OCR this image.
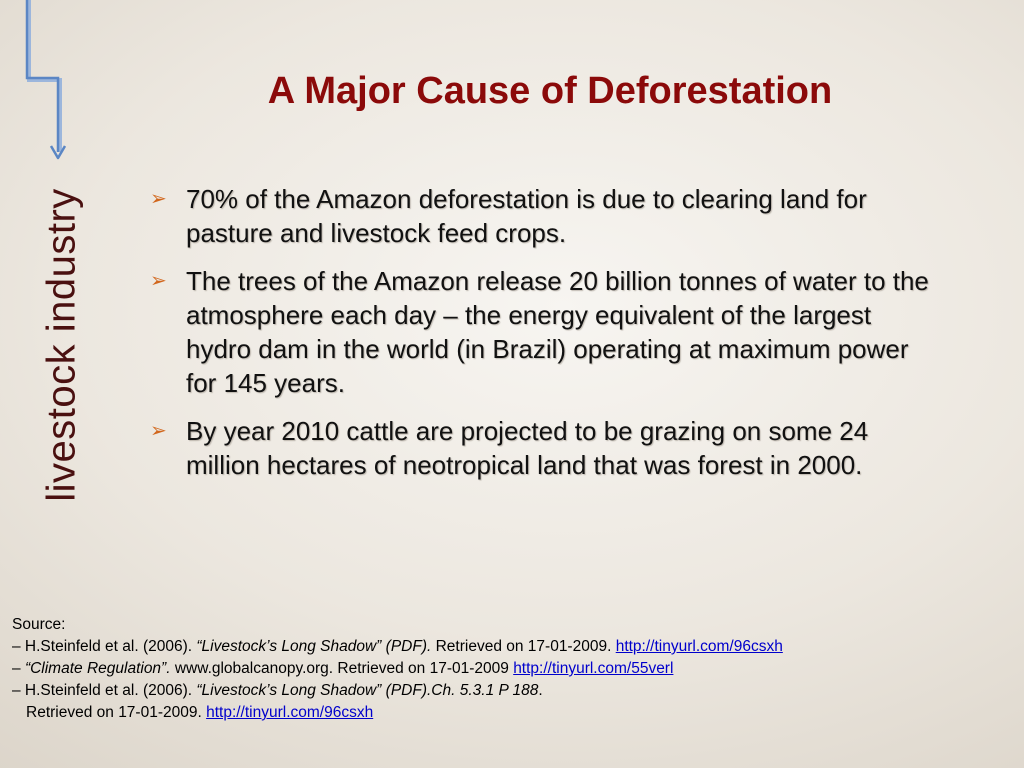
livestock industry
A Major Cause of Deforestation
➢ 70% of the Amazon deforestation is due to clearing land for pasture and livestock feed crops.
➢ The trees of the Amazon release 20 billion tonnes of water to the atmosphere each day – the energy equivalent of the largest hydro dam in the world (in Brazil) operating at maximum power for 145 years.
➢ By year 2010 cattle are projected to be grazing on some 24 million hectares of neotropical land that was forest in 2000.
Source:
– H.Steinfeld et al. (2006). “Livestock’s Long Shadow” (PDF). Retrieved on 17-01-2009. http://tinyurl.com/96csxh
– “Climate Regulation”. www.globalcanopy.org. Retrieved on 17-01-2009 http://tinyurl.com/55verl
– H.Steinfeld et al. (2006). “Livestock’s Long Shadow” (PDF).Ch. 5.3.1 P 188.
Retrieved on 17-01-2009. http://tinyurl.com/96csxh
